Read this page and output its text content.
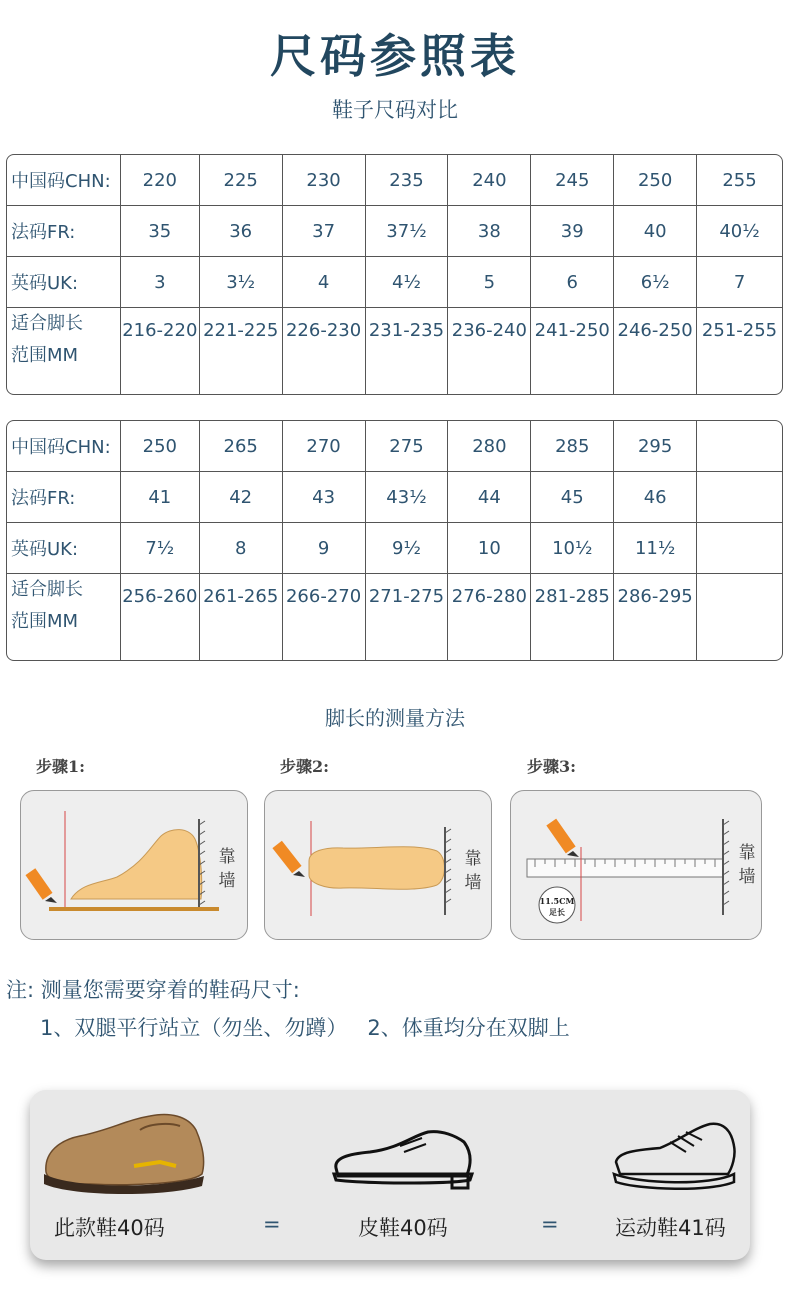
尺码参照表
鞋子尺码对比
中国码CHN:	220	225	230	235	240	245	250	255
法码FR:	35	36	37	37½	38	39	40	40½
英码UK:	3	3½	4	4½	5	6	6½	7
适合脚长
范围MM
216-220 221-225 226-230 231-235 236-240 241-250 246-250 251-255
中国码CHN:	250	265	270	275	280	285	295
法码FR:	41	42	43	43½	44	45	46
英码UK:	7½	8	9	9½	10	10½	11½
适合脚长
范围MM
256-260 261-265 266-270 271-275 276-280 281-285 286-295
脚长的测量方法
步骤1:	步骤2:	步骤3:
靠墙
靠墙
11.5CM
足长
靠墙
注: 测量您需要穿着的鞋码尺寸:
1、双腿平行站立（勿坐、勿蹲）   2、体重均分在双脚上
此款鞋40码	=	皮鞋40码	=	运动鞋41码
